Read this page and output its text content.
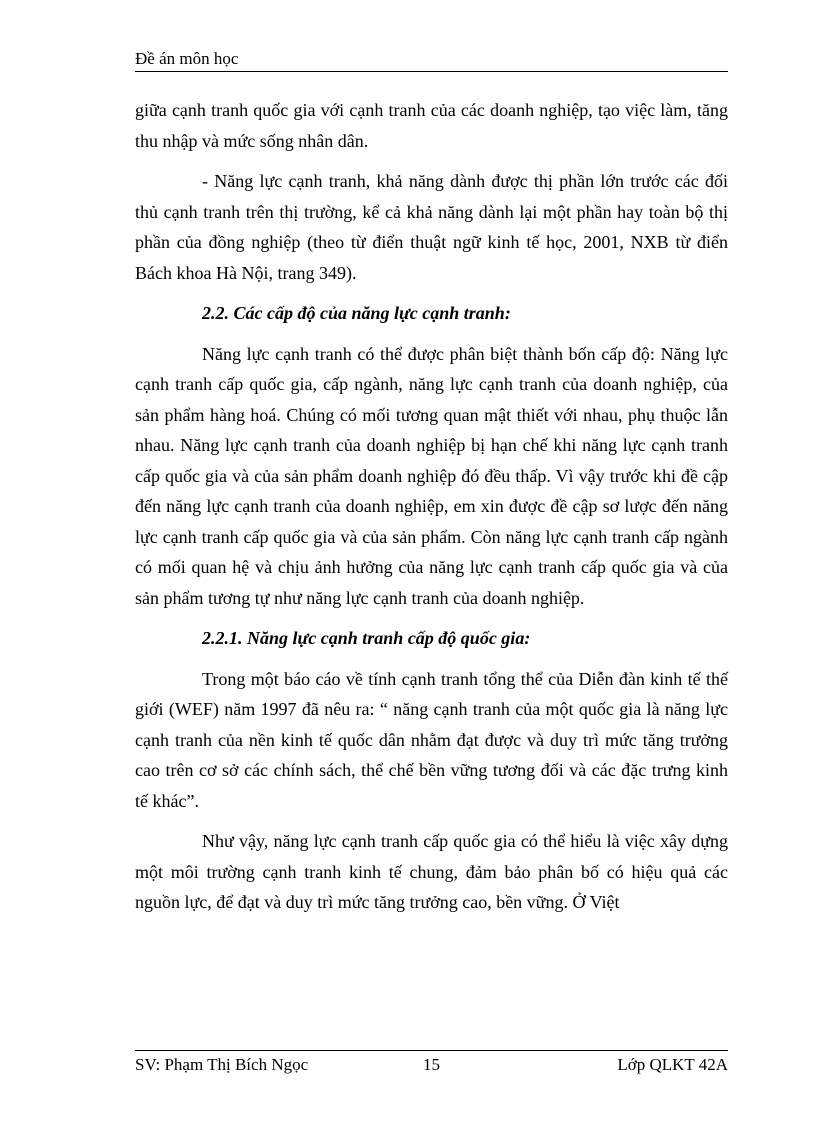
Đề án môn học

giữa cạnh tranh quốc gia với cạnh tranh của các doanh nghiệp, tạo việc làm, tăng thu nhập và mức sống nhân dân.

- Năng lực cạnh tranh, khả năng dành được thị phần lớn trước các đối thủ cạnh tranh trên thị trường, kể cả khả năng dành lại một phần hay toàn bộ thị phần của đồng nghiệp (theo từ điển thuật ngữ kinh tế học, 2001, NXB từ điển Bách khoa Hà Nội, trang 349).

2.2. Các cấp độ của năng lực cạnh tranh:

Năng lực cạnh tranh có thể được phân biệt thành bốn cấp độ: Năng lực cạnh tranh cấp quốc gia, cấp ngành, năng lực cạnh tranh của doanh nghiệp, của sản phẩm hàng hoá. Chúng có mối tương quan mật thiết với nhau, phụ thuộc lẫn nhau. Năng lực cạnh tranh của doanh nghiệp bị hạn chế khi năng lực cạnh tranh cấp quốc gia và của sản phẩm doanh nghiệp đó đều thấp. Vì vậy trước khi đề cập đến năng lực cạnh tranh của doanh nghiệp, em xin được đề cập sơ lược đến năng lực cạnh tranh cấp quốc gia và của sản phẩm. Còn năng lực cạnh tranh cấp ngành có mối quan hệ và chịu ảnh hưởng của năng lực cạnh tranh cấp quốc gia và của sản phẩm tương tự như năng lực cạnh tranh của doanh nghiệp.

2.2.1. Năng lực cạnh tranh cấp độ quốc gia:

Trong một báo cáo về tính cạnh tranh tổng thể của Diễn đàn kinh tế thế giới (WEF) năm 1997 đã nêu ra: “ năng cạnh tranh của một quốc gia là năng lực cạnh tranh của nền kinh tế quốc dân nhằm đạt được và duy trì mức tăng trưởng cao trên cơ sở các chính sách, thể chế bền vững tương đối và các đặc trưng kinh tế khác”.

Như vậy, năng lực cạnh tranh cấp quốc gia có thể hiểu là việc xây dựng một môi trường cạnh tranh kinh tế chung, đảm bảo phân bố có hiệu quả các nguồn lực, để đạt và duy trì mức tăng trưởng cao, bền vững. Ở Việt

SV: Phạm Thị Bích Ngọc	15	Lớp QLKT 42A
